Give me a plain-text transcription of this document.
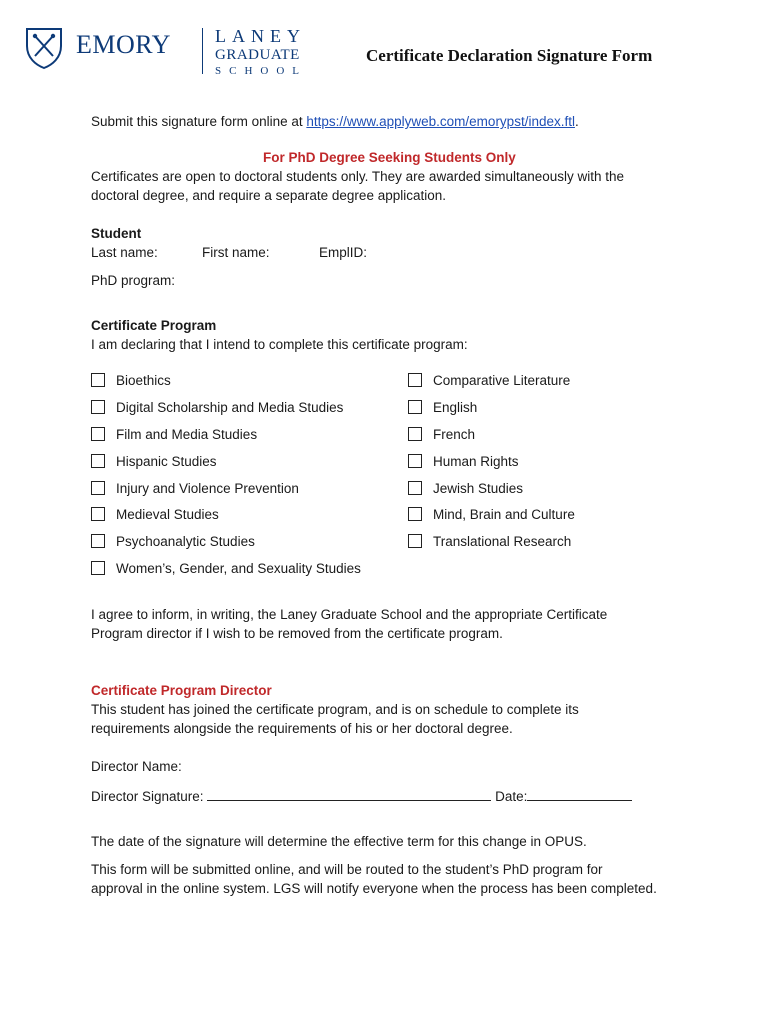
EMORY LANEY
GRADUATE
SCHOOL
Certificate Declaration Signature Form
Submit this signature form online at https://www.applyweb.com/emorypst/index.ftl.
For PhD Degree Seeking Students Only
Certificates are open to doctoral students only. They are awarded simultaneously with the
doctoral degree, and require a separate degree application.
Student
Last name:	First name:	EmplID:
PhD program:
Certificate Program
I am declaring that I intend to complete this certificate program:
Bioethics
Digital Scholarship and Media Studies
Film and Media Studies
Hispanic Studies
Injury and Violence Prevention
Medieval Studies
Psychoanalytic Studies
Women’s, Gender, and Sexuality Studies
Comparative Literature
English
French
Human Rights
Jewish Studies
Mind, Brain and Culture
Translational Research
I agree to inform, in writing, the Laney Graduate School and the appropriate Certificate
Program director if I wish to be removed from the certificate program.
Certificate Program Director
This student has joined the certificate program, and is on schedule to complete its
requirements alongside the requirements of his or her doctoral degree.
Director Name:
Director Signature:	Date:
The date of the signature will determine the effective term for this change in OPUS.
This form will be submitted online, and will be routed to the student’s PhD program for
approval in the online system. LGS will notify everyone when the process has been completed.
